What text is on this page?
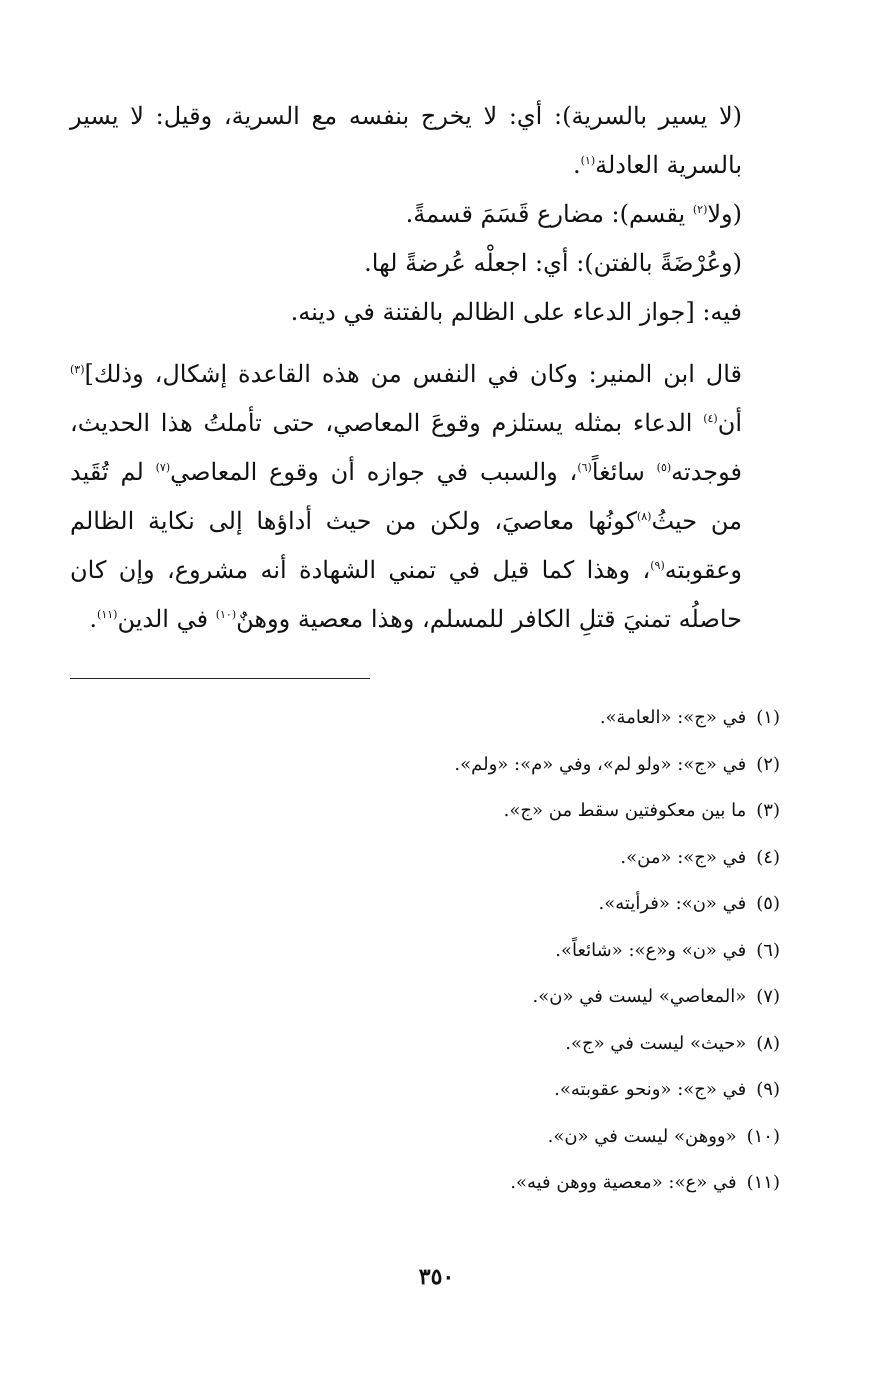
(لا يسير بالسرية): أي: لا يخرج بنفسه مع السرية، وقيل: لا يسير بالسرية العادلة$^{(١)}$.

(ولا$^{(٢)}$ يقسم): مضارع قَسَمَ قسمةً.

(وعُرْضَةً بالفتن): أي: اجعلْه عُرضةً لها.

فيه: [جواز الدعاء على الظالم بالفتنة في دينه.

قال ابن المنير: وكان في النفس من هذه القاعدة إشكال، وذلك]$^{(٣)}$ أن$^{(٤)}$ الدعاء بمثله يستلزم وقوعَ المعاصي، حتى تأملتُ هذا الحديث، فوجدته$^{(٥)}$ سائغاً$^{(٦)}$، والسبب في جوازه أن وقوع المعاصي$^{(٧)}$ لم تُقَيد من حيثُ$^{(٨)}$كونُها معاصيَ، ولكن من حيث أداؤها إلى نكاية الظالم وعقوبته$^{(٩)}$، وهذا كما قيل في تمني الشهادة أنه مشروع، وإن كان حاصلُه تمنيَ قتلِ الكافر للمسلم، وهذا معصية ووهنٌ$^{(١٠)}$ في الدين$^{(١١)}$.

(١)في «ج»: «العامة».
(٢)في «ج»: «ولو لم»، وفي «م»: «ولم».
(٣)ما بين معكوفتين سقط من «ج».
(٤)في «ج»: «من».
(٥)في «ن»: «فرأيته».
(٦)في «ن» و«ع»: «شائعاً».
(٧)«المعاصي» ليست في «ن».
(٨)«حيث» ليست في «ج».
(٩)في «ج»: «ونحو عقوبته».
(١٠)«ووهن» ليست في «ن».
(١١)في «ع»: «معصية ووهن فيه».
٣٥٠
